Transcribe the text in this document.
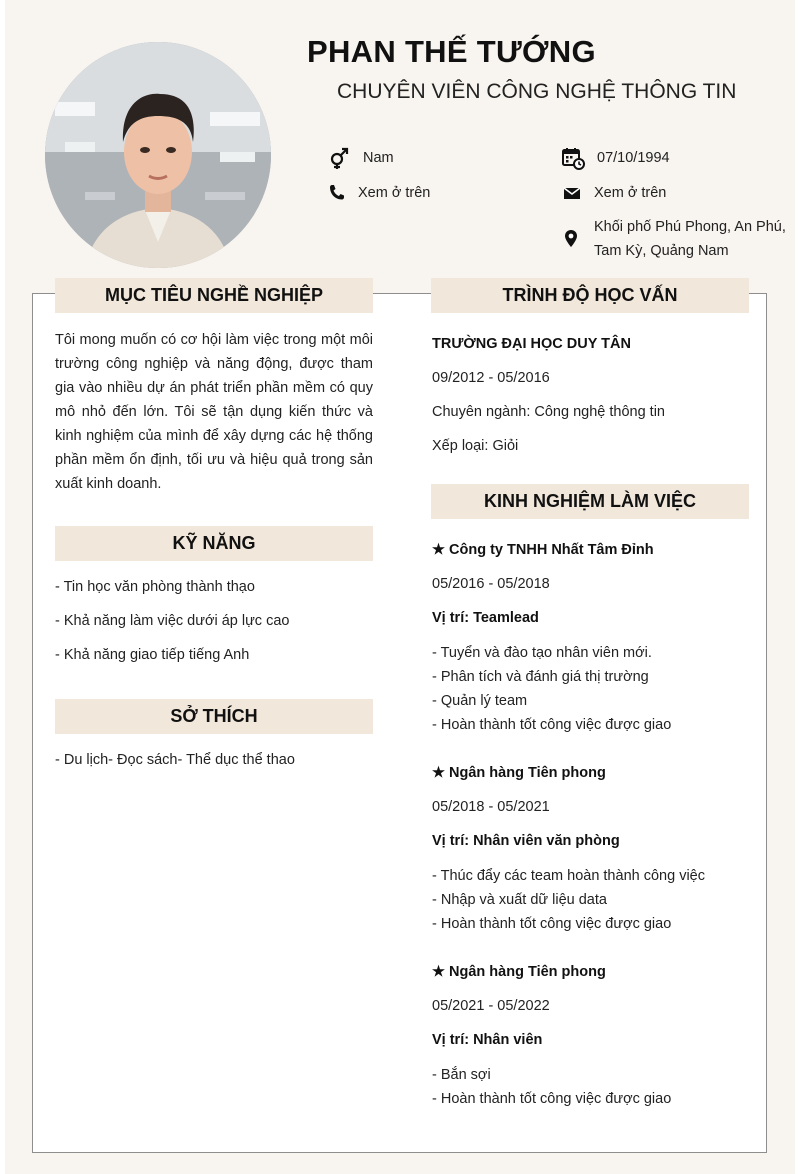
PHAN THẾ TƯỚNG
CHUYÊN VIÊN CÔNG NGHỆ THÔNG TIN
Nam	07/10/1994
Xem ở trên	Xem ở trên
Khối phố Phú Phong, An Phú,
Tam Kỳ, Quảng Nam
MỤC TIÊU NGHỀ NGHIỆP
Tôi mong muốn có cơ hội làm việc trong một môi trường công nghiệp và năng động, được tham gia vào nhiều dự án phát triển phần mềm có quy mô nhỏ đến lớn. Tôi sẽ tận dụng kiến thức và kinh nghiệm của mình để xây dựng các hệ thống phần mềm ổn định, tối ưu và hiệu quả trong sản xuất kinh doanh.
KỸ NĂNG
- Tin học văn phòng thành thạo
- Khả năng làm việc dưới áp lực cao
- Khả năng giao tiếp tiếng Anh
SỞ THÍCH
- Du lịch- Đọc sách- Thể dục thể thao
TRÌNH ĐỘ HỌC VẤN
TRƯỜNG ĐẠI HỌC DUY TÂN
09/2012 - 05/2016
Chuyên ngành: Công nghệ thông tin
Xếp loại: Giỏi
KINH NGHIỆM LÀM VIỆC
★ Công ty TNHH Nhất Tâm Đỉnh
05/2016 - 05/2018
Vị trí: Teamlead
- Tuyển và đào tạo nhân viên mới.
- Phân tích và đánh giá thị trường
- Quản lý team
- Hoàn thành tốt công việc được giao
★ Ngân hàng Tiên phong
05/2018 - 05/2021
Vị trí: Nhân viên văn phòng
- Thúc đẩy các team hoàn thành công việc
- Nhập và xuất dữ liệu data
- Hoàn thành tốt công việc được giao
★ Ngân hàng Tiên phong
05/2021 - 05/2022
Vị trí: Nhân viên
- Bắn sợi
- Hoàn thành tốt công việc được giao
